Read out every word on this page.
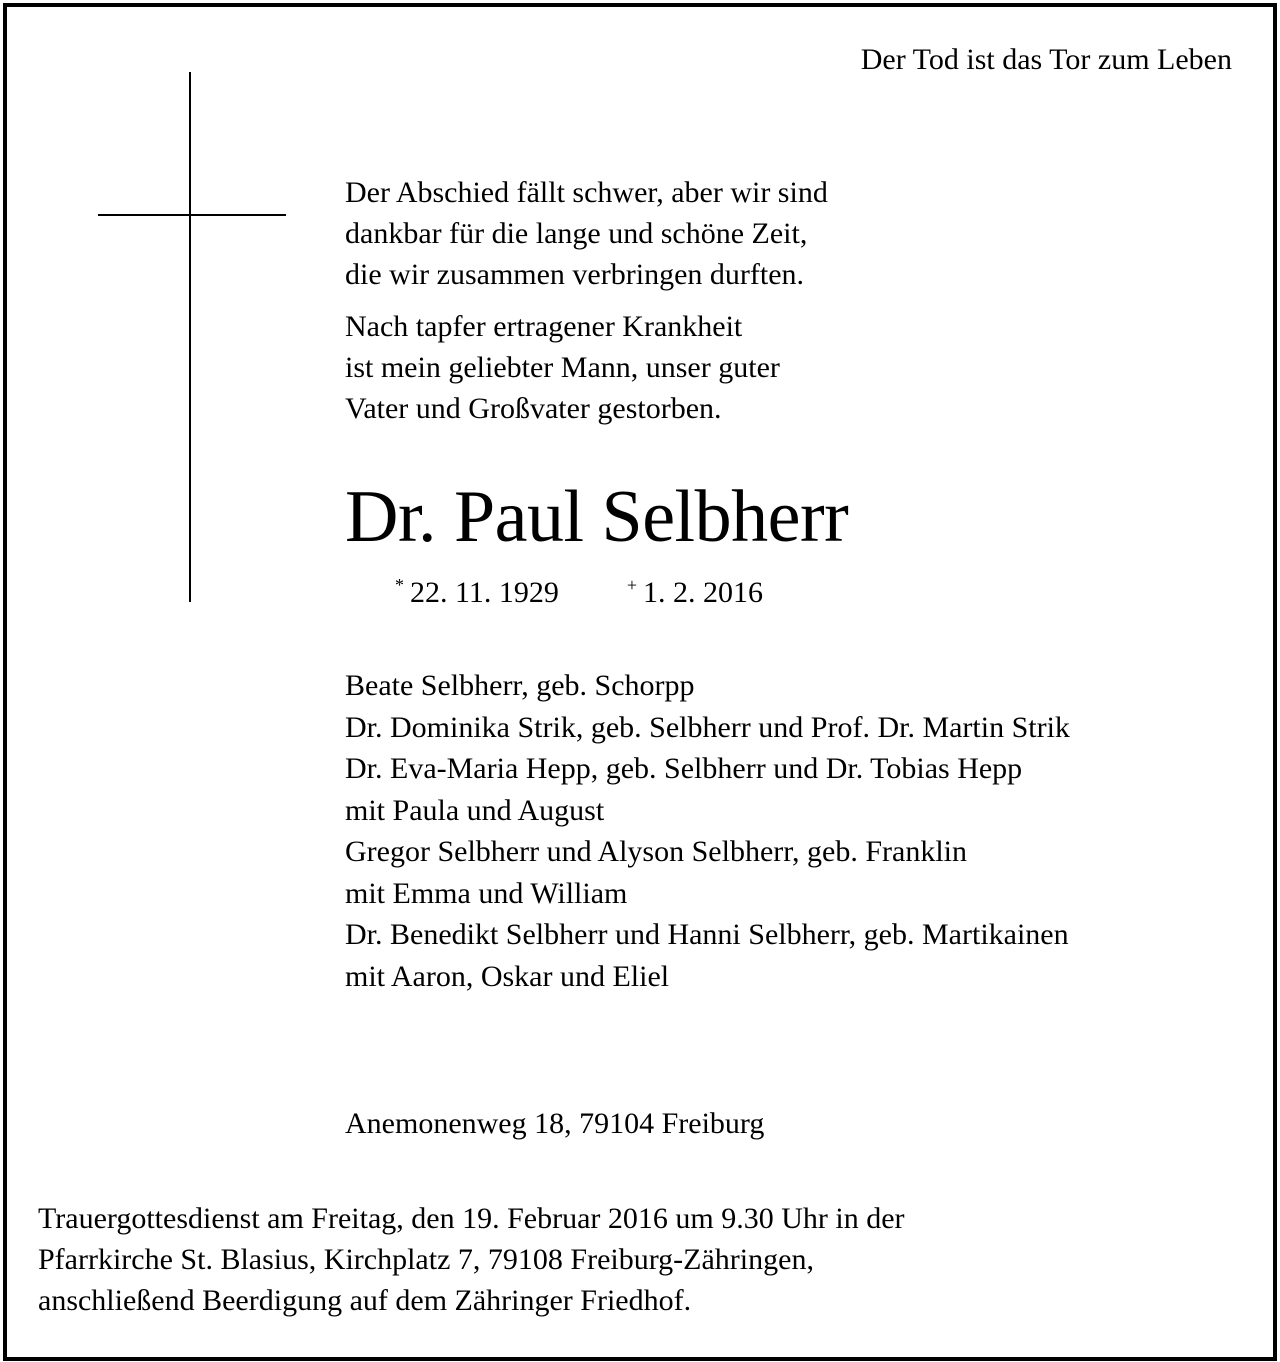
Der Tod ist das Tor zum Leben

Der Abschied fällt schwer, aber wir sind
dankbar für die lange und schöne Zeit,
die wir zusammen verbringen durften.

Nach tapfer ertragener Krankheit
ist mein geliebter Mann, unser guter
Vater und Großvater gestorben.

Dr. Paul Selbherr
* 22. 11. 1929	+ 1. 2. 2016
Beate Selbherr, geb. Schorpp
Dr. Dominika Strik, geb. Selbherr und Prof. Dr. Martin Strik
Dr. Eva-Maria Hepp, geb. Selbherr und Dr. Tobias Hepp
mit Paula und August
Gregor Selbherr und Alyson Selbherr, geb. Franklin
mit Emma und William
Dr. Benedikt Selbherr und Hanni Selbherr, geb. Martikainen
mit Aaron, Oskar und Eliel
Anemonenweg 18, 79104 Freiburg
Trauergottesdienst am Freitag, den 19. Februar 2016 um 9.30 Uhr in der
Pfarrkirche St. Blasius, Kirchplatz 7, 79108 Freiburg-Zähringen,
anschließend Beerdigung auf dem Zähringer Friedhof.
